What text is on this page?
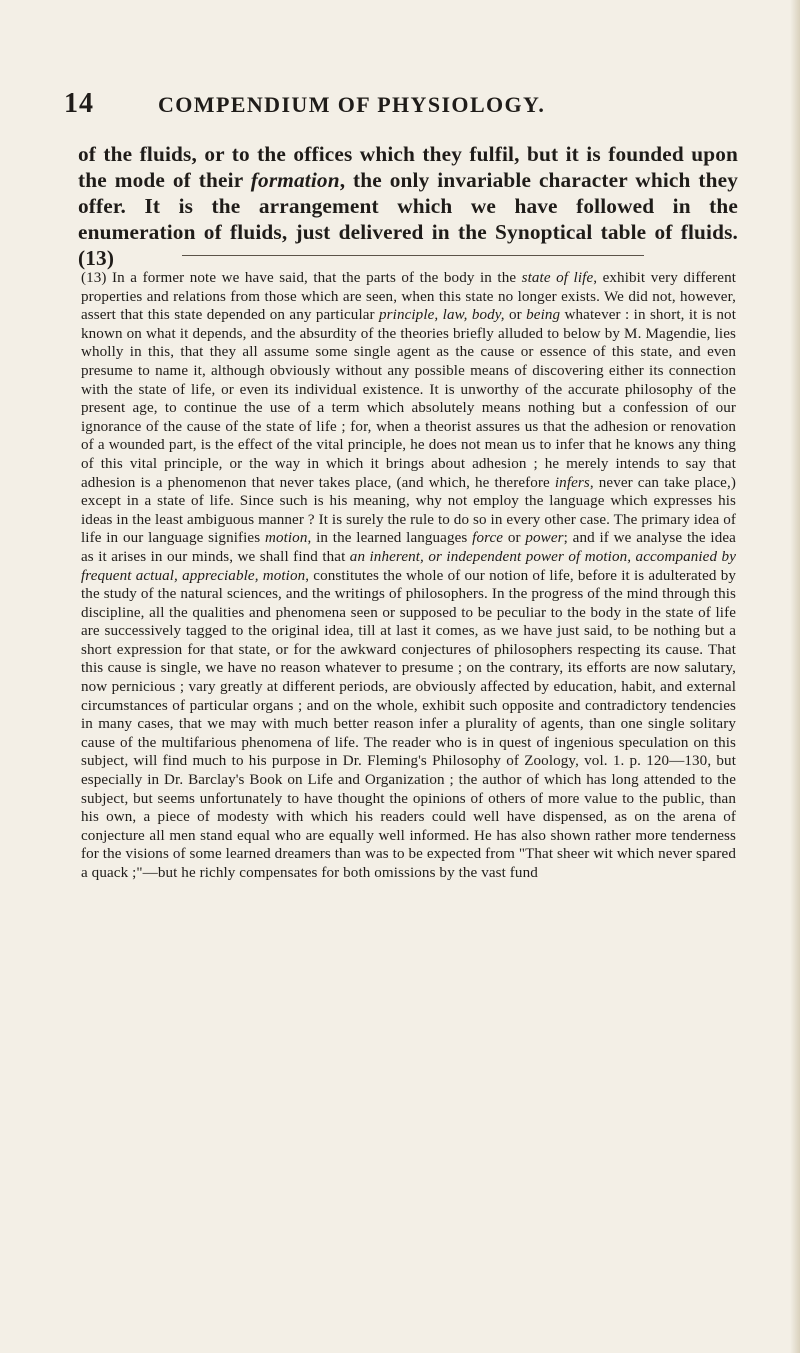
14	COMPENDIUM OF PHYSIOLOGY.

of the fluids, or to the offices which they fulfil, but it is founded upon the mode of their formation, the only invariable character which they offer. It is the arrangement which we have followed in the enumeration of fluids, just delivered in the Synoptical table of fluids. (13)

(13) In a former note we have said, that the parts of the body in the state of life, exhibit very different properties and relations from those which are seen, when this state no longer exists. We did not, however, assert that this state depended on any particular principle, law, body, or being whatever : in short, it is not known on what it depends, and the absurdity of the theories briefly alluded to below by M. Magendie, lies wholly in this, that they all assume some single agent as the cause or essence of this state, and even presume to name it, although obviously without any possible means of discovering either its connection with the state of life, or even its individual existence. It is unworthy of the accurate philosophy of the present age, to continue the use of a term which absolutely means nothing but a confession of our ignorance of the cause of the state of life ; for, when a theorist assures us that the adhesion or renovation of a wounded part, is the effect of the vital principle, he does not mean us to infer that he knows any thing of this vital principle, or the way in which it brings about adhesion ; he merely intends to say that adhesion is a phenomenon that never takes place, (and which, he therefore infers, never can take place,) except in a state of life. Since such is his meaning, why not employ the language which expresses his ideas in the least ambiguous manner ? It is surely the rule to do so in every other case. The primary idea of life in our language signifies motion, in the learned languages force or power; and if we analyse the idea as it arises in our minds, we shall find that an inherent, or independent power of motion, accompanied by frequent actual, appreciable, motion, constitutes the whole of our notion of life, before it is adulterated by the study of the natural sciences, and the writings of philosophers. In the progress of the mind through this discipline, all the qualities and phenomena seen or supposed to be peculiar to the body in the state of life are successively tagged to the original idea, till at last it comes, as we have just said, to be nothing but a short expression for that state, or for the awkward conjectures of philosophers respecting its cause. That this cause is single, we have no reason whatever to presume ; on the contrary, its efforts are now salutary, now pernicious ; vary greatly at different periods, are obviously affected by education, habit, and external circumstances of particular organs ; and on the whole, exhibit such opposite and contradictory tendencies in many cases, that we may with much better reason infer a plurality of agents, than one single solitary cause of the multifarious phenomena of life. The reader who is in quest of ingenious speculation on this subject, will find much to his purpose in Dr. Fleming's Philosophy of Zoology, vol. 1. p. 120—130, but especially in Dr. Barclay's Book on Life and Organization ; the author of which has long attended to the subject, but seems unfortunately to have thought the opinions of others of more value to the public, than his own, a piece of modesty with which his readers could well have dispensed, as on the arena of conjecture all men stand equal who are equally well informed. He has also shown rather more tenderness for the visions of some learned dreamers than was to be expected from "That sheer wit which never spared a quack ;"—but he richly compensates for both omissions by the vast fund
